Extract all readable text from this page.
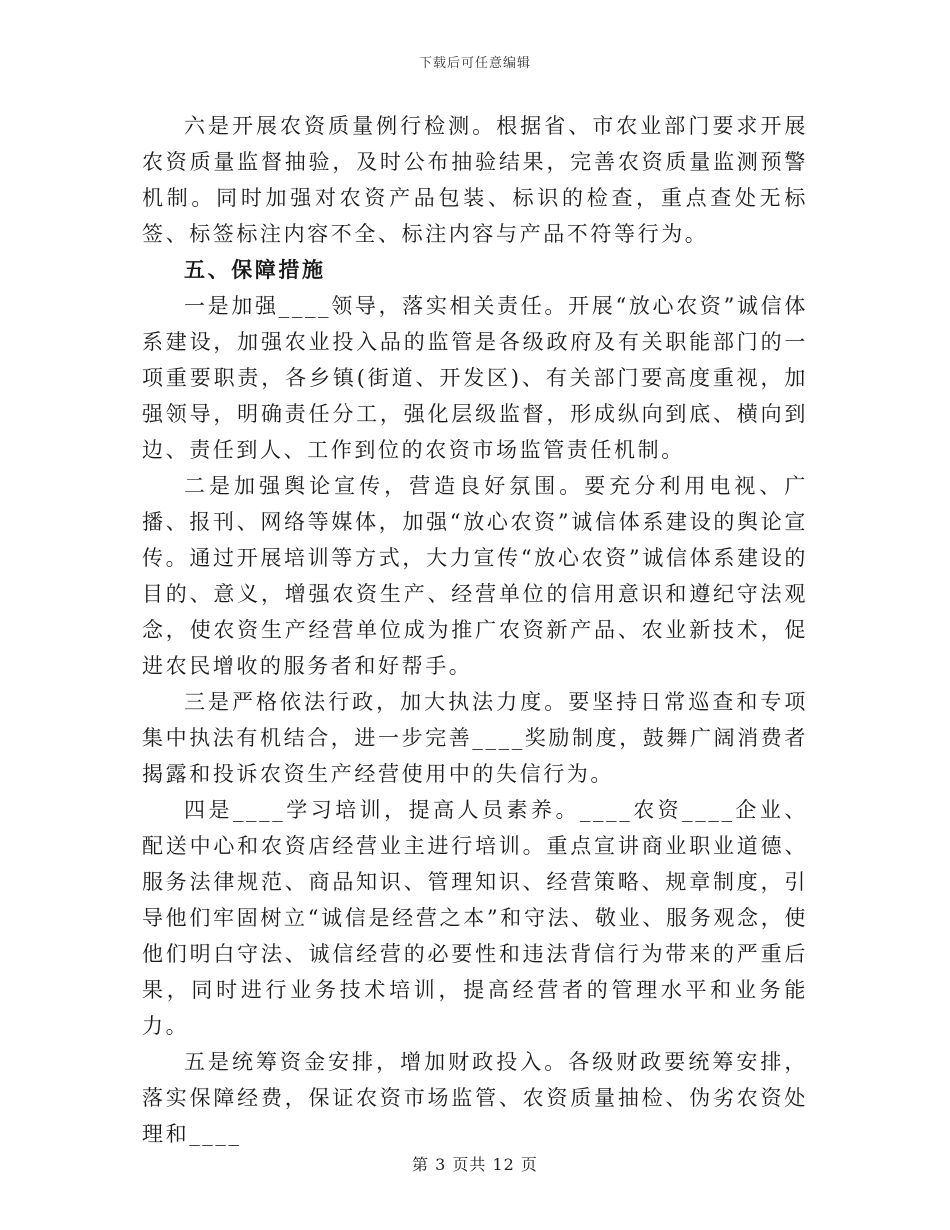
下载后可任意编辑

六是开展农资质量例行检测。根据省、市农业部门要求开展农资质量监督抽验，及时公布抽验结果，完善农资质量监测预警机制。同时加强对农资产品包装、标识的检查，重点查处无标签、标签标注内容不全、标注内容与产品不符等行为。

五、保障措施

一是加强____领导，落实相关责任。开展“放心农资”诚信体系建设，加强农业投入品的监管是各级政府及有关职能部门的一项重要职责，各乡镇(街道、开发区)、有关部门要高度重视，加强领导，明确责任分工，强化层级监督，形成纵向到底、横向到边、责任到人、工作到位的农资市场监管责任机制。

二是加强舆论宣传，营造良好氛围。要充分利用电视、广播、报刊、网络等媒体，加强“放心农资”诚信体系建设的舆论宣传。通过开展培训等方式，大力宣传“放心农资”诚信体系建设的目的、意义，增强农资生产、经营单位的信用意识和遵纪守法观念，使农资生产经营单位成为推广农资新产品、农业新技术，促进农民增收的服务者和好帮手。

三是严格依法行政，加大执法力度。要坚持日常巡查和专项集中执法有机结合，进一步完善____奖励制度，鼓舞广阔消费者揭露和投诉农资生产经营使用中的失信行为。

四是____学习培训，提高人员素养。____农资____企业、配送中心和农资店经营业主进行培训。重点宣讲商业职业道德、服务法律规范、商品知识、管理知识、经营策略、规章制度，引导他们牢固树立“诚信是经营之本”和守法、敬业、服务观念，使他们明白守法、诚信经营的必要性和违法背信行为带来的严重后果，同时进行业务技术培训，提高经营者的管理水平和业务能力。

五是统筹资金安排，增加财政投入。各级财政要统筹安排，落实保障经费，保证农资市场监管、农资质量抽检、伪劣农资处理和____

第 3 页共 12 页
